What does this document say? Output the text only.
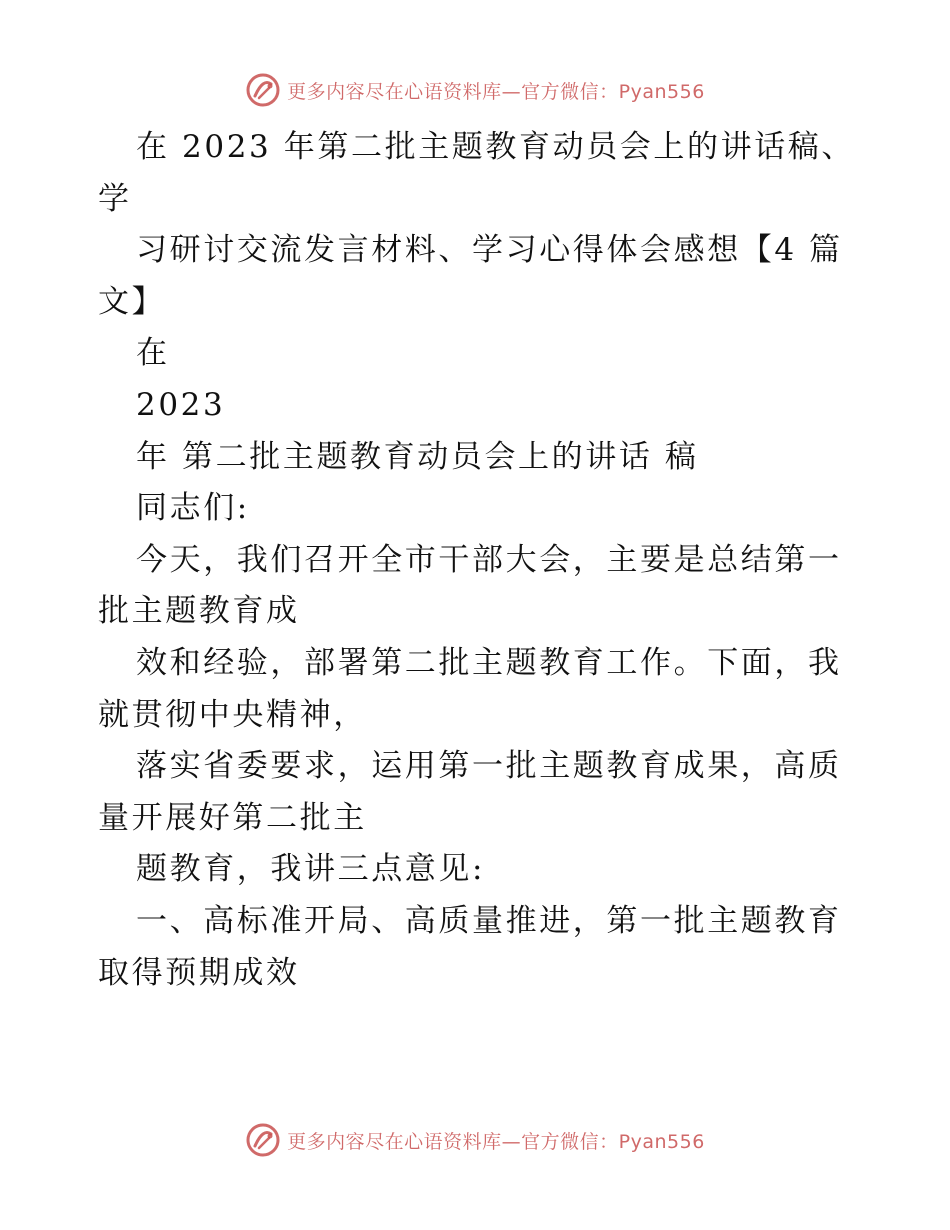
更多内容尽在心语资料库—官方微信：Pyan556
在 2023 年第二批主题教育动员会上的讲话稿、
学
习研讨交流发言材料、学习心得体会感想【4 篇
文】
在
2023
年 第二批主题教育动员会上的讲话 稿
同志们:
今天，我们召开全市干部大会，主要是总结第一
批主题教育成
效和经验，部署第二批主题教育工作。下面，我
就贯彻中央精神，
落实省委要求，运用第一批主题教育成果，高质
量开展好第二批主
题教育，我讲三点意见:
一、高标准开局、高质量推进，第一批主题教育
取得预期成效
更多内容尽在心语资料库—官方微信：Pyan556
